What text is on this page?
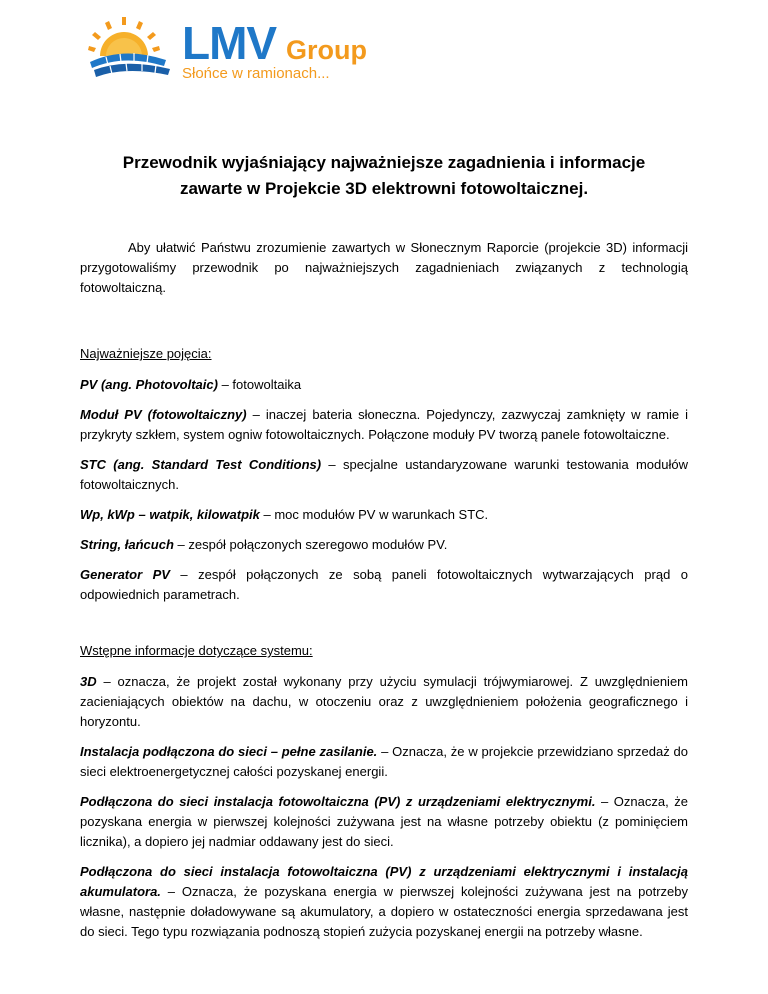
LMV Group
Słońce w ramionach...
Przewodnik wyjaśniający najważniejsze zagadnienia i informacje zawarte w Projekcie 3D elektrowni fotowoltaicznej.

Aby ułatwić Państwu zrozumienie zawartych w Słonecznym Raporcie (projekcie 3D) informacji przygotowaliśmy przewodnik po najważniejszych zagadnieniach związanych z technologią fotowoltaiczną.

Najważniejsze pojęcia:

PV (ang. Photovoltaic) – fotowoltaika

Moduł PV (fotowoltaiczny) – inaczej bateria słoneczna. Pojedynczy, zazwyczaj zamknięty w ramie i przykryty szkłem, system ogniw fotowoltaicznych. Połączone moduły PV tworzą panele fotowoltaiczne.

STC (ang. Standard Test Conditions) – specjalne ustandaryzowane warunki testowania modułów fotowoltaicznych.

Wp, kWp – watpik, kilowatpik – moc modułów PV w warunkach STC.

String, łańcuch – zespół połączonych szeregowo modułów PV.

Generator PV – zespół połączonych ze sobą paneli fotowoltaicznych wytwarzających prąd o odpowiednich parametrach.

Wstępne informacje dotyczące systemu:

3D – oznacza, że projekt został wykonany przy użyciu symulacji trójwymiarowej. Z uwzględnieniem zacieniających obiektów na dachu, w otoczeniu oraz z uwzględnieniem położenia geograficznego i horyzontu.

Instalacja podłączona do sieci – pełne zasilanie. – Oznacza, że w projekcie przewidziano sprzedaż do sieci elektroenergetycznej całości pozyskanej energii.

Podłączona do sieci instalacja fotowoltaiczna (PV) z urządzeniami elektrycznymi. – Oznacza, że pozyskana energia w pierwszej kolejności zużywana jest na własne potrzeby obiektu (z pominięciem licznika), a dopiero jej nadmiar oddawany jest do sieci.

Podłączona do sieci instalacja fotowoltaiczna (PV) z urządzeniami elektrycznymi i instalacją akumulatora. – Oznacza, że pozyskana energia w pierwszej kolejności zużywana jest na potrzeby własne, następnie doładowywane są akumulatory, a dopiero w ostateczności energia sprzedawana jest do sieci. Tego typu rozwiązania podnoszą stopień zużycia pozyskanej energii na potrzeby własne.
